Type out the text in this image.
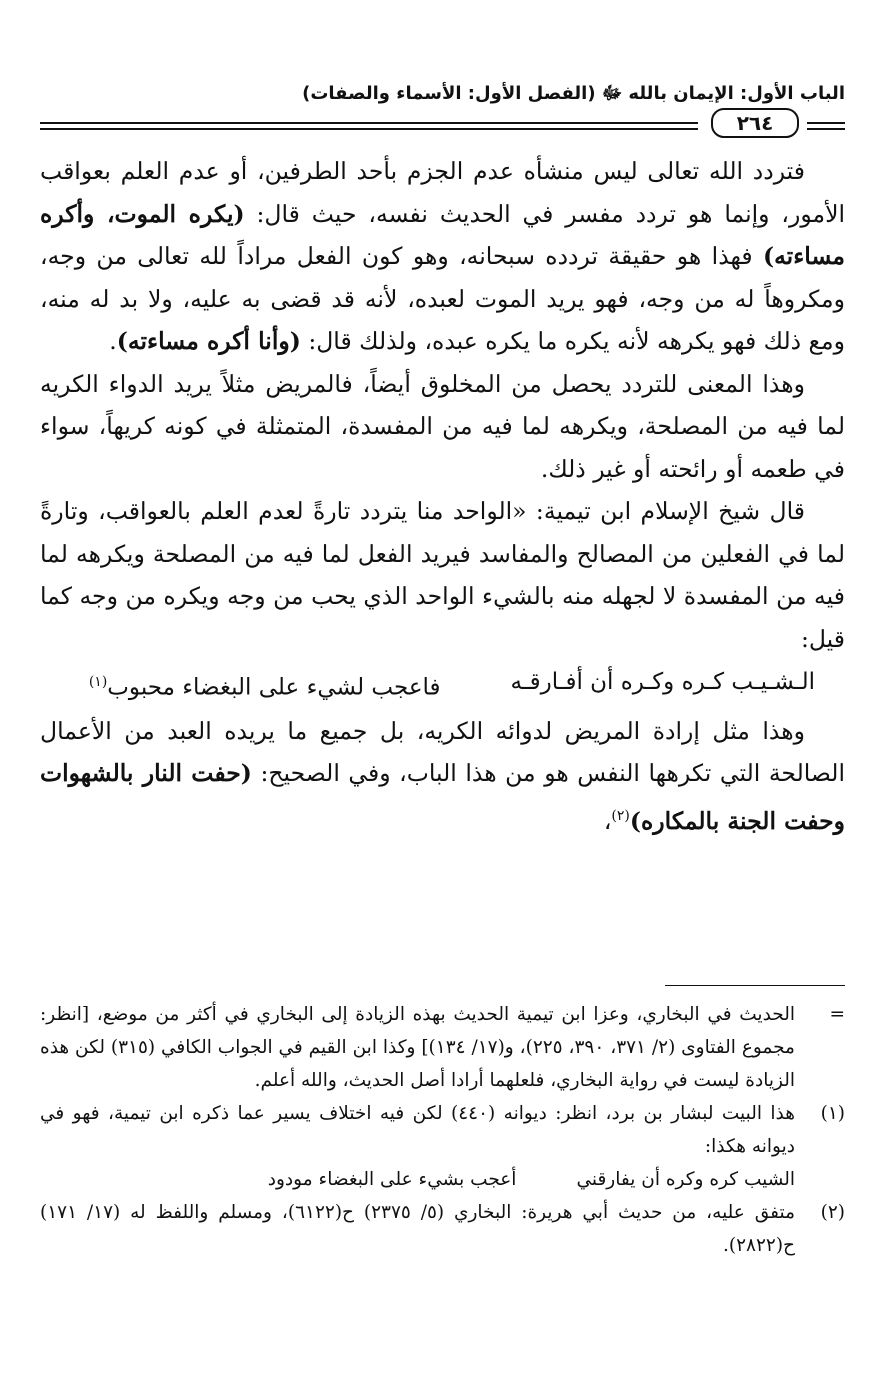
الباب الأول: الإيمان بالله ﷻ (الفصل الأول: الأسماء والصفات)
٢٦٤

فتردد الله تعالى ليس منشأه عدم الجزم بأحد الطرفين، أو عدم العلم بعواقب الأمور، وإنما هو تردد مفسر في الحديث نفسه، حيث قال: (يكره الموت، وأكره مساءته) فهذا هو حقيقة تردده سبحانه، وهو كون الفعل مراداً لله تعالى من وجه، ومكروهاً له من وجه، فهو يريد الموت لعبده، لأنه قد قضى به عليه، ولا بد له منه، ومع ذلك فهو يكرهه لأنه يكره ما يكره عبده، ولذلك قال: (وأنا أكره مساءته).

وهذا المعنى للتردد يحصل من المخلوق أيضاً، فالمريض مثلاً يريد الدواء الكريه لما فيه من المصلحة، ويكرهه لما فيه من المفسدة، المتمثلة في كونه كريهاً، سواء في طعمه أو رائحته أو غير ذلك.

قال شيخ الإسلام ابن تيمية: «الواحد منا يتردد تارةً لعدم العلم بالعواقب، وتارةً لما في الفعلين من المصالح والمفاسد فيريد الفعل لما فيه من المصلحة ويكرهه لما فيه من المفسدة لا لجهله منه بالشيء الواحد الذي يحب من وجه ويكره من وجه كما قيل:

الـشـيـب كـره وكـره أن أفـارقـه
فاعجب لشيء على البغضاء محبوب$^{(١)}$

وهذا مثل إرادة المريض لدوائه الكريه، بل جميع ما يريده العبد من الأعمال الصالحة التي تكرهها النفس هو من هذا الباب، وفي الصحيح: (حفت النار بالشهوات وحفت الجنة بالمكاره)$^{(٢)}$،

=
الحديث في البخاري، وعزا ابن تيمية الحديث بهذه الزيادة إلى البخاري في أكثر من موضع، [انظر: مجموع الفتاوى (٢/ ٣٧١، ٣٩٠، ٢٢٥)، و(١٧/ ١٣٤)] وكذا ابن القيم في الجواب الكافي (٣١٥) لكن هذه الزيادة ليست في رواية البخاري، فلعلهما أرادا أصل الحديث، والله أعلم.
(١)
هذا البيت لبشار بن برد، انظر: ديوانه (٤٤٠) لكن فيه اختلاف يسير عما ذكره ابن تيمية، فهو في ديوانه هكذا:
الشيب كره وكره أن يفارقني
أعجب بشيء على البغضاء مودود
(٢)
متفق عليه، من حديث أبي هريرة: البخاري (٥/ ٢٣٧٥) ح(٦١٢٢)، ومسلم واللفظ له (١٧/ ١٧١) ح(٢٨٢٢).
